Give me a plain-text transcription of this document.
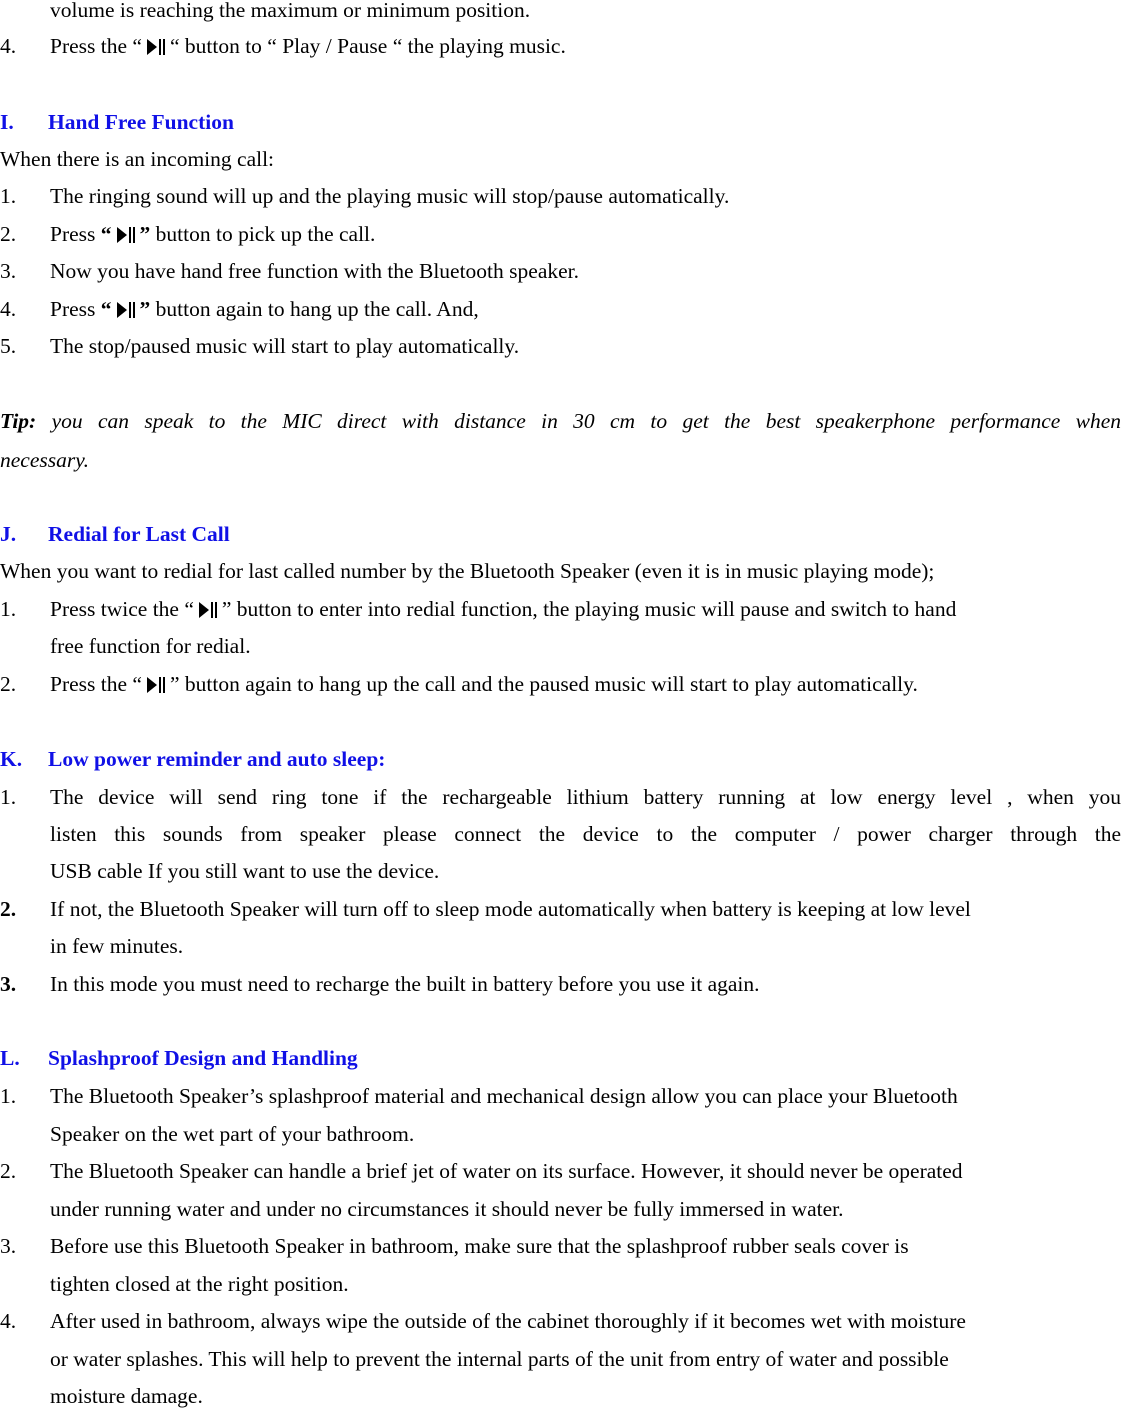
volume is reaching the maximum or minimum position.
4. Press the “ “ button to “ Play / Pause “ the playing music.
I. Hand Free Function
When there is an incoming call:
1. The ringing sound will up and the playing music will stop/pause automatically.
2. Press “ ” button to pick up the call.
3. Now you have hand free function with the Bluetooth speaker.
4. Press “ ” button again to hang up the call. And,
5. The stop/paused music will start to play automatically.
Tip: you can speak to the MIC direct with distance in 30 cm to get the best speakerphone performance when
necessary.
J. Redial for Last Call
When you want to redial for last called number by the Bluetooth Speaker (even it is in music playing mode);
1. Press twice the “ ” button to enter into redial function, the playing music will pause and switch to hand
free function for redial.
2. Press the “ ” button again to hang up the call and the paused music will start to play automatically.
K. Low power reminder and auto sleep:
1. The device will send ring tone if the rechargeable lithium battery running at low energy level , when you
listen this sounds from speaker please connect the device to the computer / power charger through the
USB cable If you still want to use the device.
2. If not, the Bluetooth Speaker will turn off to sleep mode automatically when battery is keeping at low level
in few minutes.
3. In this mode you must need to recharge the built in battery before you use it again.
L. Splashproof Design and Handling
1. The Bluetooth Speaker’s splashproof material and mechanical design allow you can place your Bluetooth
Speaker on the wet part of your bathroom.
2. The Bluetooth Speaker can handle a brief jet of water on its surface. However, it should never be operated
under running water and under no circumstances it should never be fully immersed in water.
3. Before use this Bluetooth Speaker in bathroom, make sure that the splashproof rubber seals cover is
tighten closed at the right position.
4. After used in bathroom, always wipe the outside of the cabinet thoroughly if it becomes wet with moisture
or water splashes. This will help to prevent the internal parts of the unit from entry of water and possible
moisture damage.
